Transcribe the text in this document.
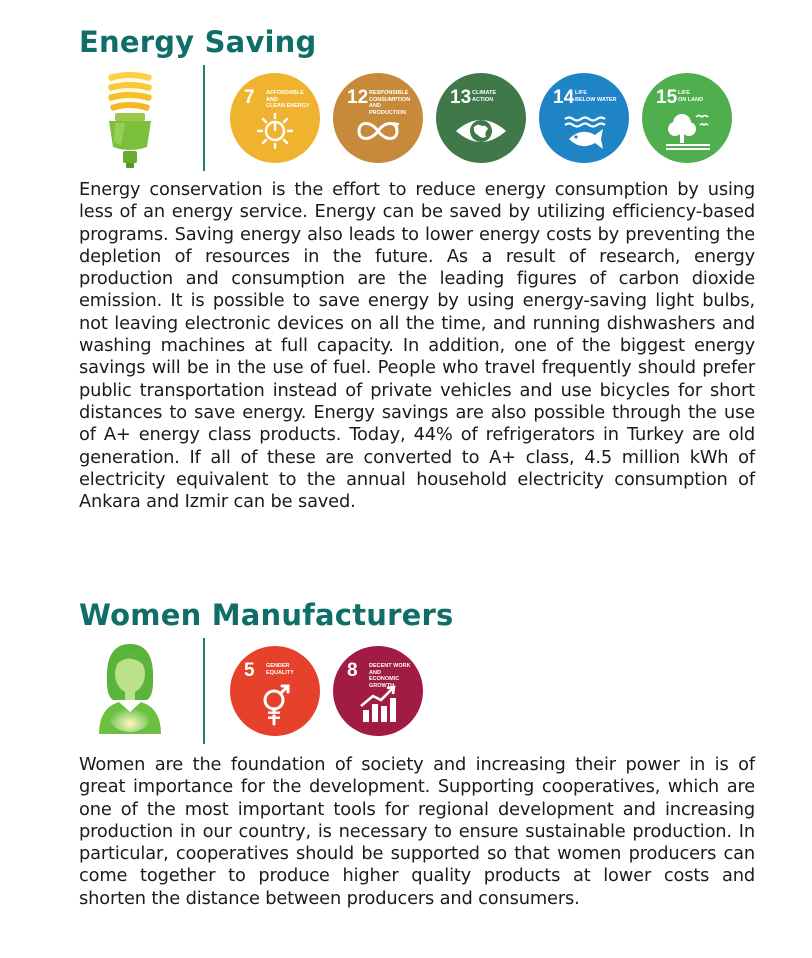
Energy Saving
7 AFFORDABLE AND
CLEAN ENERGY 12 RESPONSIBLE
CONSUMPTION
AND PRODUCTION
13 CLIMATE
ACTION	14 LIFE
BELOW WATER	15 LIFE
ON LAND

Energy conservation is the effort to reduce energy consumption by using less of an energy service. Energy can be saved by utilizing efficiency-based programs. Saving energy also leads to lower energy costs by preventing the depletion of resources in the future. As a result of research, energy production and consumption are the leading figures of carbon dioxide emission. It is possible to save energy by using energy-saving light bulbs, not leaving electronic devices on all the time, and running dishwashers and washing machines at full capacity. In addition, one of the biggest energy savings will be in the use of fuel. People who travel frequently should prefer public transportation instead of private vehicles and use bicycles for short distances to save energy. Energy savings are also possible through the use of A+ energy class products. Today, 44% of refrigerators in Turkey are old generation. If all of these are converted to A+ class, 4.5 million kWh of electricity equivalent to the annual household electricity consumption of Ankara and Izmir can be saved.

Women Manufacturers
5 GENDER
EQUALITY	8 DECENT WORK AND
ECONOMIC GROWTH

Women are the foundation of society and increasing their power in is of great importance for the development. Supporting cooperatives, which are one of the most important tools for regional development and increasing production in our country, is necessary to ensure sustainable production. In particular, cooperatives should be supported so that women producers can come together to produce higher quality products at lower costs and shorten the distance between producers and consumers.
